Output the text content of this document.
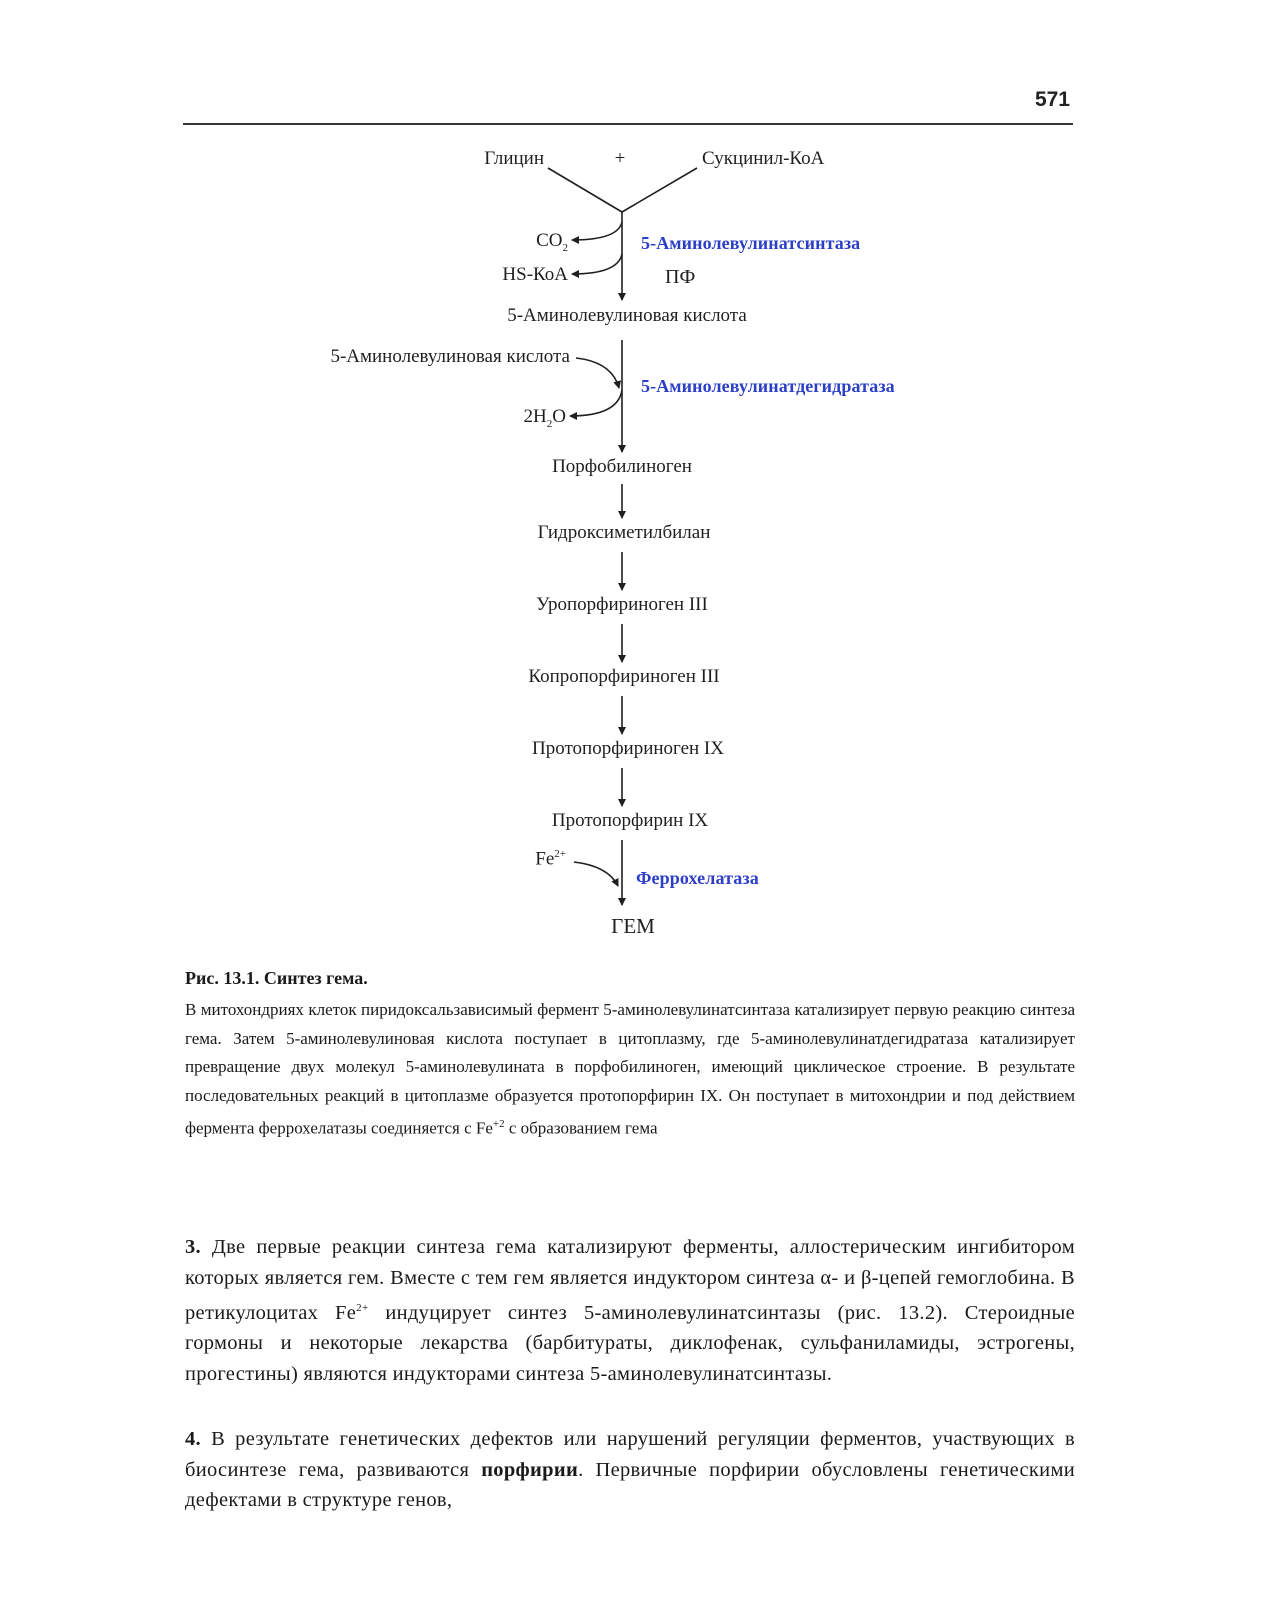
571
Глицин	+	Сукцинил-КоА
$CO_2$
HS-КоА
5-Аминолевулинатсинтаза
ПФ
5-Аминолевулиновая кислота
5-Аминолевулиновая кислота
$2H_2O$
5-Аминолевулинатдегидратаза
Порфобилиноген
Гидроксиметилбилан
Уропорфириноген III
Копропорфириноген III
Протопорфириноген IX
Протопорфирин IX
$Fe^{2+}$
Феррохелатаза
ГЕМ
Рис. 13.1. Синтез гема.
В митохондриях клеток пиридоксальзависимый фермент 5-аминолевулинатсинтаза катализирует первую реакцию синтеза гема. Затем 5-аминолевулиновая кислота поступает в цитоплазму, где 5-аминолевулинатдегидратаза катализирует превращение двух молекул 5-аминолевулината в порфобилиноген, имеющий циклическое строение. В результате последовательных реакций в цитоплазме образуется протопорфирин IX. Он поступает в митохондрии и под действием фермента феррохелатазы соединяется с $Fe^{+2}$ с образованием гема
3. Две первые реакции синтеза гема катализируют ферменты, аллостерическим ингибитором которых является гем. Вместе с тем гем является индуктором синтеза α- и β-цепей гемоглобина. В ретикулоцитах $Fe^{2+}$ индуцирует синтез 5-аминолевулинатсинтазы (рис. 13.2). Стероидные гормоны и некоторые лекарства (барбитураты, диклофенак, сульфаниламиды, эстрогены, прогестины) являются индукторами синтеза 5-аминолевулинатсинтазы.
4. В результате генетических дефектов или нарушений регуляции ферментов, участвующих в биосинтезе гема, развиваются порфирии. Первичные порфирии обусловлены генетическими дефектами в структуре генов,
